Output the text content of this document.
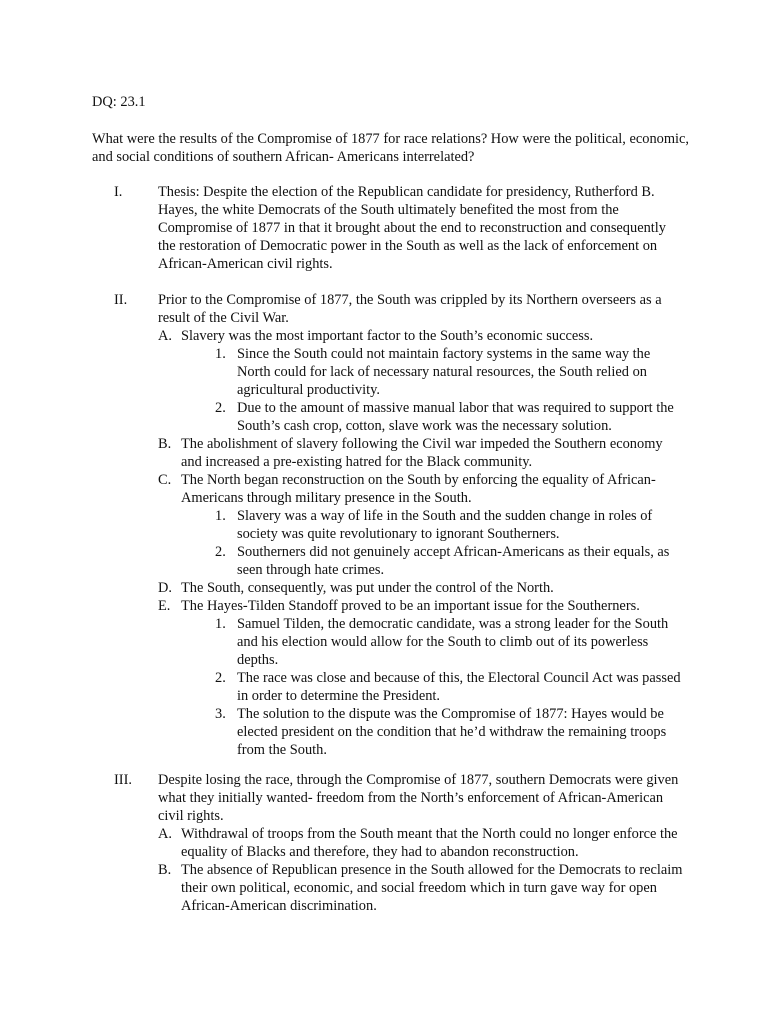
DQ: 23.1

What were the results of the Compromise of 1877 for race relations? How were the political, economic, and social conditions of southern African- Americans interrelated?

I. Thesis: Despite the election of the Republican candidate for presidency, Rutherford B. Hayes, the white Democrats of the South ultimately benefited the most from the Compromise of 1877 in that it brought about the end to reconstruction and consequently the restoration of Democratic power in the South as well as the lack of enforcement on African-American civil rights.

II. Prior to the Compromise of 1877, the South was crippled by its Northern overseers as a result of the Civil War.

A. Slavery was the most important factor to the South’s economic success.
1. Since the South could not maintain factory systems in the same way the North could for lack of necessary natural resources, the South relied on agricultural productivity.
2. Due to the amount of massive manual labor that was required to support the South’s cash crop, cotton, slave work was the necessary solution.
B. The abolishment of slavery following the Civil war impeded the Southern economy and increased a pre-existing hatred for the Black community.
C. The North began reconstruction on the South by enforcing the equality of African-Americans through military presence in the South.
1. Slavery was a way of life in the South and the sudden change in roles of society was quite revolutionary to ignorant Southerners.
2. Southerners did not genuinely accept African-Americans as their equals, as seen through hate crimes.
D. The South, consequently, was put under the control of the North.
E. The Hayes-Tilden Standoff proved to be an important issue for the Southerners.
1. Samuel Tilden, the democratic candidate, was a strong leader for the South and his election would allow for the South to climb out of its powerless depths.
2. The race was close and because of this, the Electoral Council Act was passed in order to determine the President.
3. The solution to the dispute was the Compromise of 1877: Hayes would be elected president on the condition that he’d withdraw the remaining troops from the South.
III. Despite losing the race, through the Compromise of 1877, southern Democrats were given what they initially wanted- freedom from the North’s enforcement of African-American civil rights.

A. Withdrawal of troops from the South meant that the North could no longer enforce the equality of Blacks and therefore, they had to abandon reconstruction.
B. The absence of Republican presence in the South allowed for the Democrats to reclaim their own political, economic, and social freedom which in turn gave way for open African-American discrimination.
